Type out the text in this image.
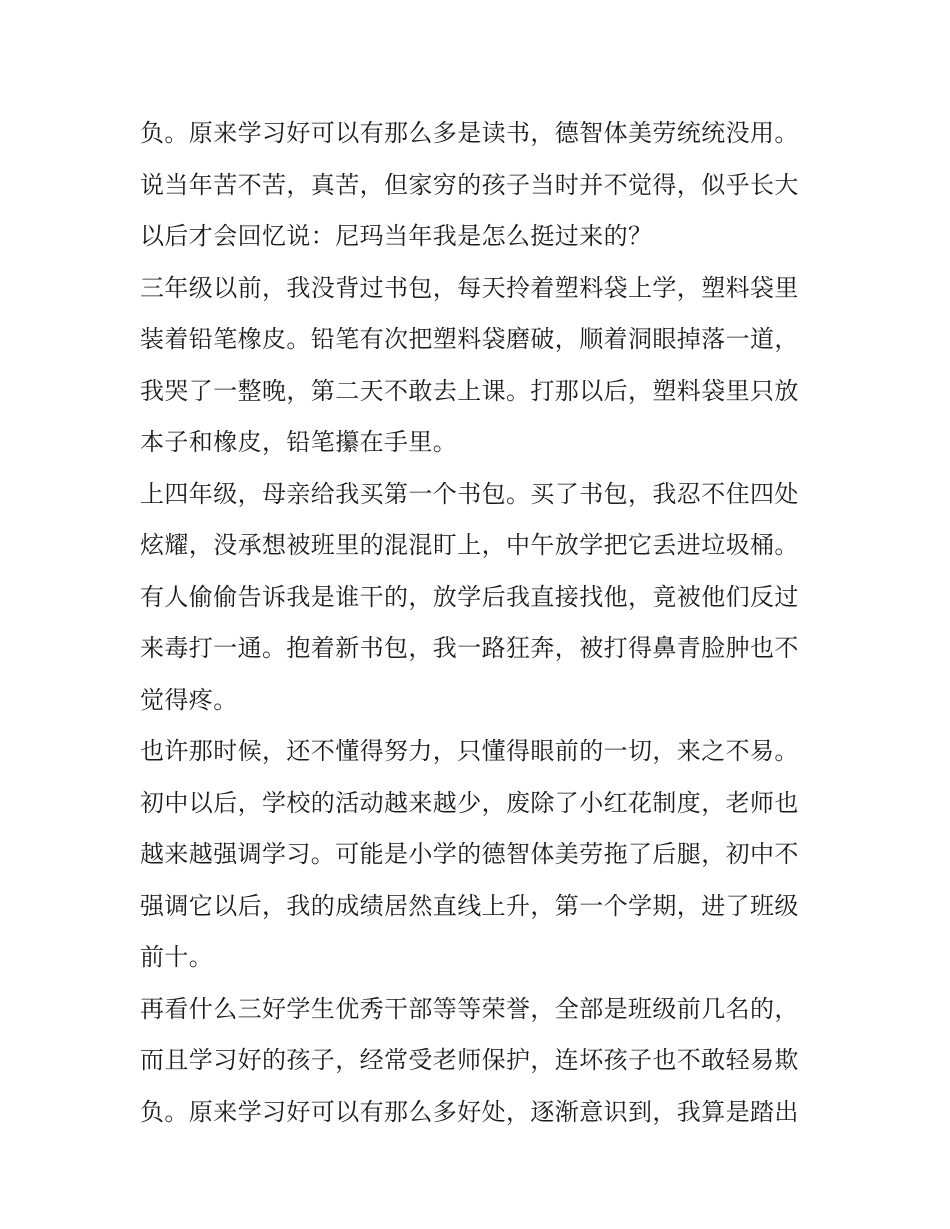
负。原来学习好可以有那么多是读书，德智体美劳统统没用。
说当年苦不苦，真苦，但家穷的孩子当时并不觉得，似乎长大
以后才会回忆说：尼玛当年我是怎么挺过来的？
三年级以前，我没背过书包，每天拎着塑料袋上学，塑料袋里
装着铅笔橡皮。铅笔有次把塑料袋磨破，顺着洞眼掉落一道，
我哭了一整晚，第二天不敢去上课。打那以后，塑料袋里只放
本子和橡皮，铅笔攥在手里。
上四年级，母亲给我买第一个书包。买了书包，我忍不住四处
炫耀，没承想被班里的混混盯上，中午放学把它丢进垃圾桶。
有人偷偷告诉我是谁干的，放学后我直接找他，竟被他们反过
来毒打一通。抱着新书包，我一路狂奔，被打得鼻青脸肿也不
觉得疼。
也许那时候，还不懂得努力，只懂得眼前的一切，来之不易。
初中以后，学校的活动越来越少，废除了小红花制度，老师也
越来越强调学习。可能是小学的德智体美劳拖了后腿，初中不
强调它以后，我的成绩居然直线上升，第一个学期，进了班级
前十。
再看什么三好学生优秀干部等等荣誉，全部是班级前几名的，
而且学习好的孩子，经常受老师保护，连坏孩子也不敢轻易欺
负。原来学习好可以有那么多好处，逐渐意识到，我算是踏出
